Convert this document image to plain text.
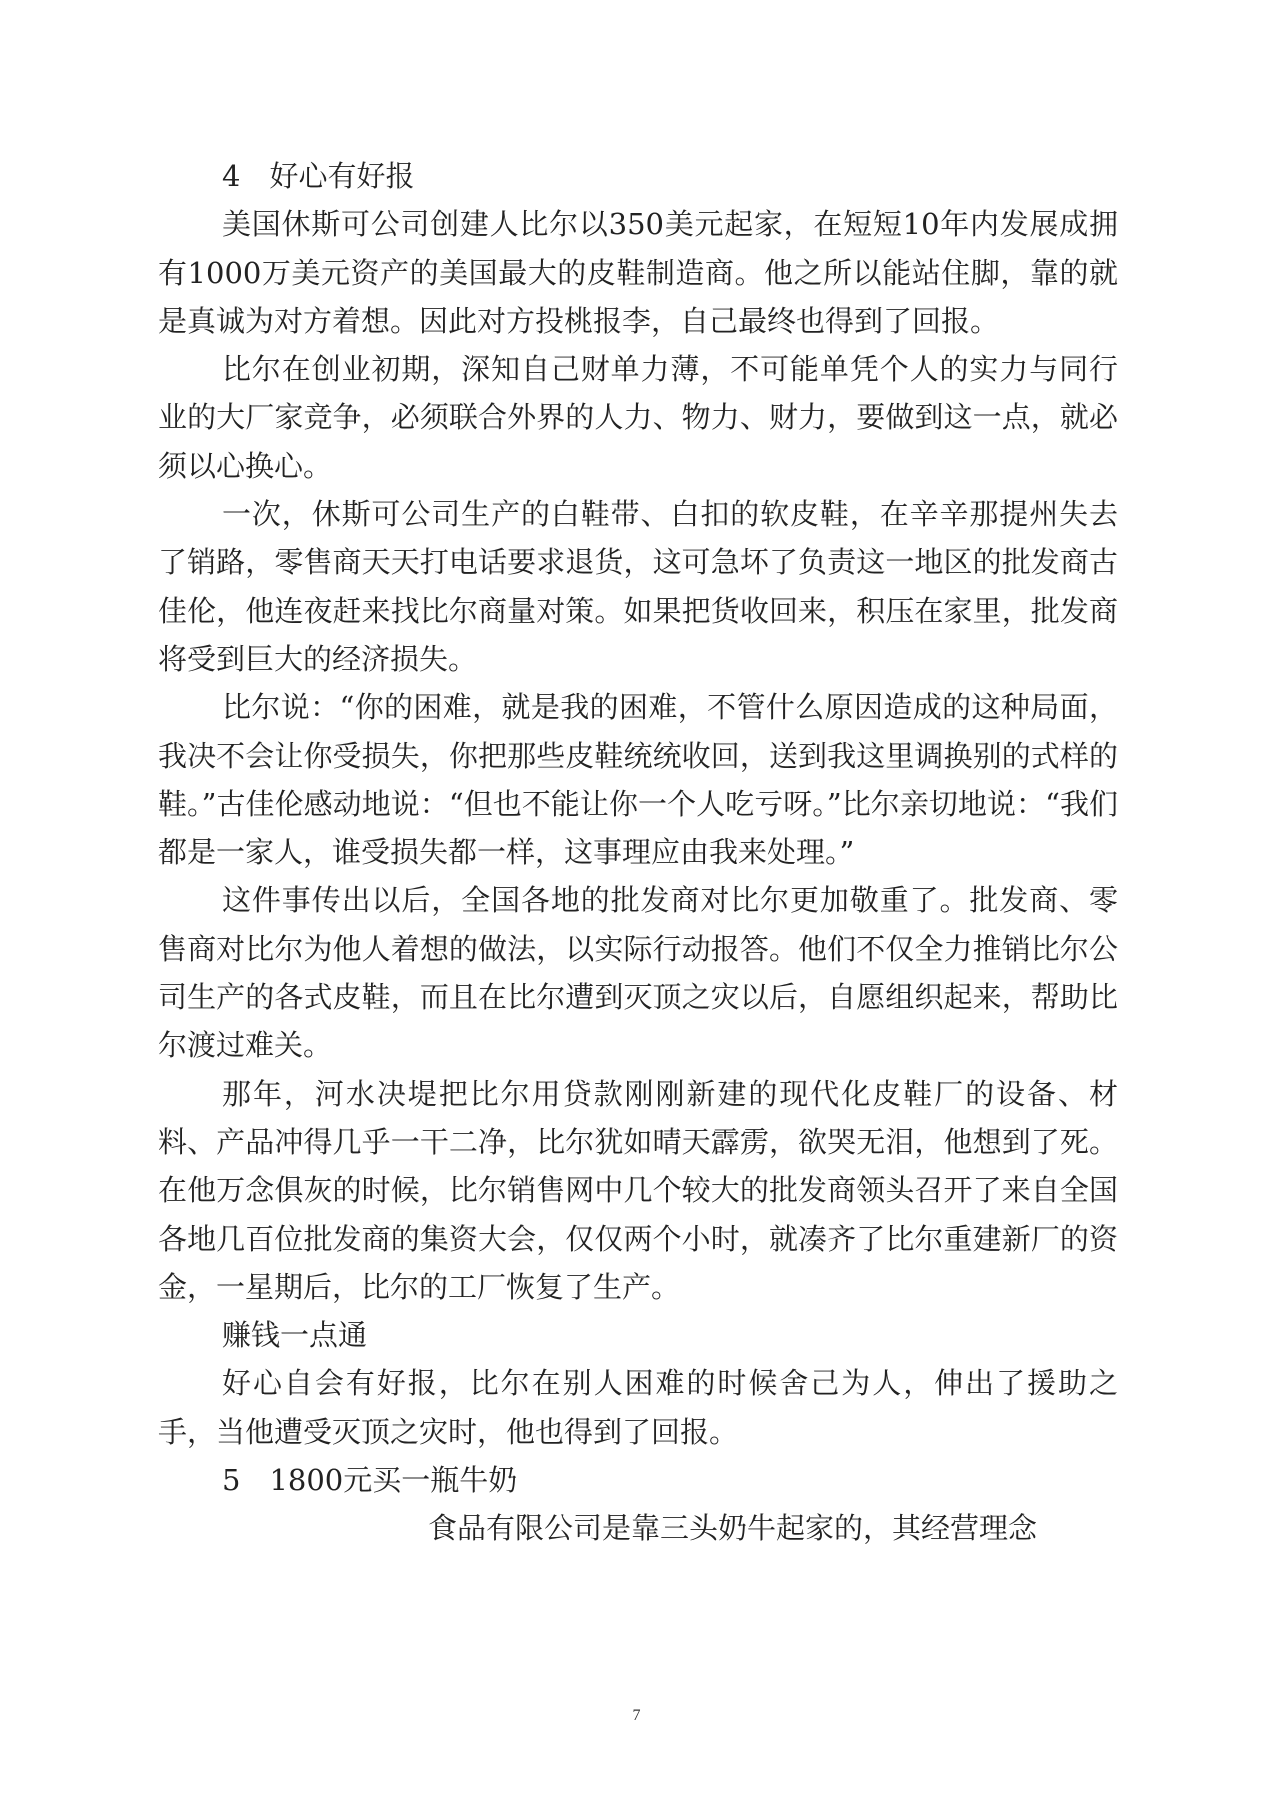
4　好心有好报

美国休斯可公司创建人比尔以350美元起家，在短短10年内发展成拥有1000万美元资产的美国最大的皮鞋制造商。他之所以能站住脚，靠的就是真诚为对方着想。因此对方投桃报李，自己最终也得到了回报。

比尔在创业初期，深知自己财单力薄，不可能单凭个人的实力与同行业的大厂家竞争，必须联合外界的人力、物力、财力，要做到这一点，就必须以心换心。

一次，休斯可公司生产的白鞋带、白扣的软皮鞋，在辛辛那提州失去了销路，零售商天天打电话要求退货，这可急坏了负责这一地区的批发商古佳伦，他连夜赶来找比尔商量对策。如果把货收回来，积压在家里，批发商将受到巨大的经济损失。

比尔说：“你的困难，就是我的困难，不管什么原因造成的这种局面，我决不会让你受损失，你把那些皮鞋统统收回，送到我这里调换别的式样的鞋。”古佳伦感动地说：“但也不能让你一个人吃亏呀。”比尔亲切地说：“我们都是一家人，谁受损失都一样，这事理应由我来处理。”

这件事传出以后，全国各地的批发商对比尔更加敬重了。批发商、零售商对比尔为他人着想的做法，以实际行动报答。他们不仅全力推销比尔公司生产的各式皮鞋，而且在比尔遭到灭顶之灾以后，自愿组织起来，帮助比尔渡过难关。

那年，河水决堤把比尔用贷款刚刚新建的现代化皮鞋厂的设备、材料、产品冲得几乎一干二净，比尔犹如晴天霹雳，欲哭无泪，他想到了死。在他万念俱灰的时候，比尔销售网中几个较大的批发商领头召开了来自全国各地几百位批发商的集资大会，仅仅两个小时，就凑齐了比尔重建新厂的资金，一星期后，比尔的工厂恢复了生产。

赚钱一点通

好心自会有好报，比尔在别人困难的时候舍己为人，伸出了援助之手，当他遭受灭顶之灾时，他也得到了回报。

5　1800元买一瓶牛奶

食品有限公司是靠三头奶牛起家的，其经营理念

7
